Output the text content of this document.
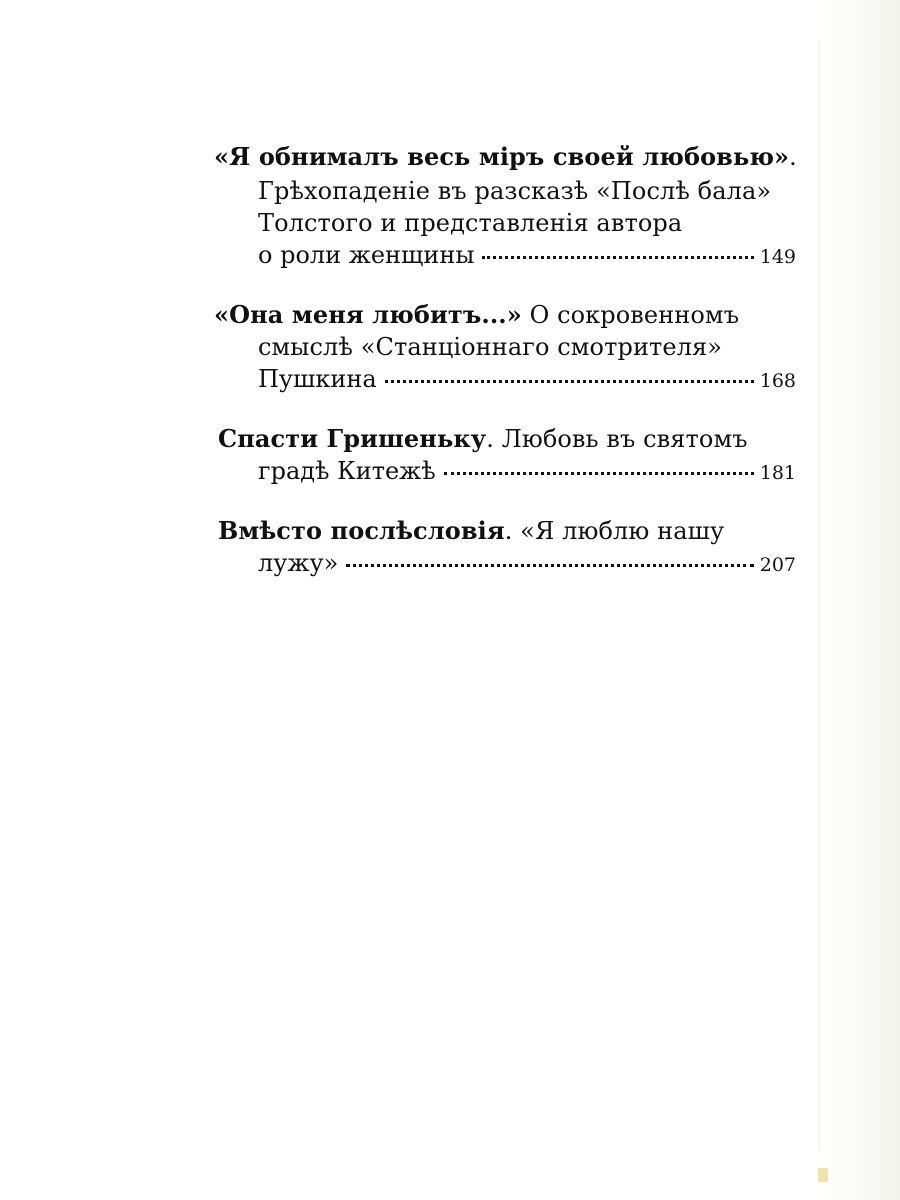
«Я обнималъ весь міръ своей любовью».
Грѣхопаденіе въ разсказѣ «Послѣ бала»
Толстого и представленія автора
о роли женщины	149
«Она меня любитъ...» О сокровенномъ
смыслѣ «Станціоннаго смотрителя»
Пушкина	168
Спасти Гришеньку. Любовь въ святомъ
градѣ Китежѣ	181
Вмѣсто послѣсловія. «Я люблю нашу
лужу»	207
